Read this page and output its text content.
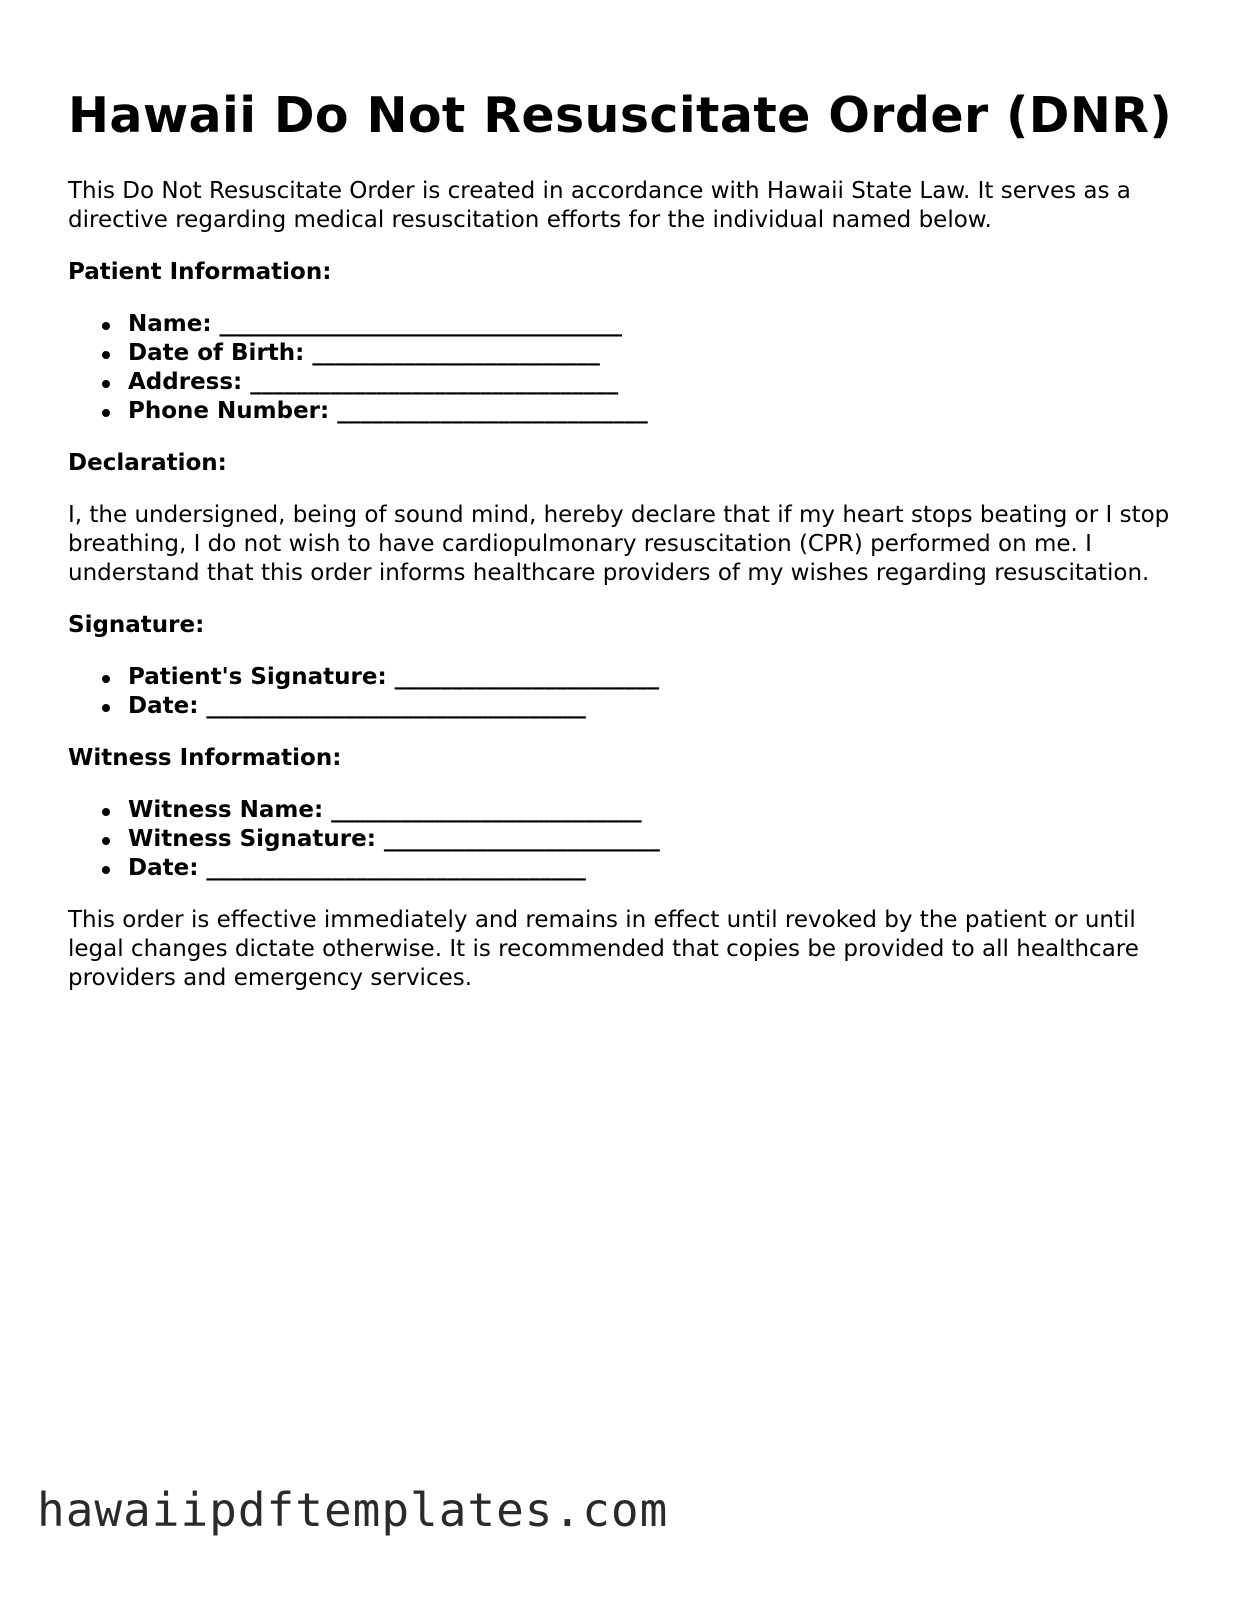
Hawaii Do Not Resuscitate Order (DNR)

This Do Not Resuscitate Order is created in accordance with Hawaii State Law. It serves as a directive regarding medical resuscitation efforts for the individual named below.

Patient Information:
Name: ___________________________________
Date of Birth: _________________________
Address: ________________________________
Phone Number: ___________________________
Declaration:

I, the undersigned, being of sound mind, hereby declare that if my heart stops beating or I stop breathing, I do not wish to have cardiopulmonary resuscitation (CPR) performed on me. I understand that this order informs healthcare providers of my wishes regarding resuscitation.

Signature:
Patient's Signature: _______________________
Date: _________________________________
Witness Information:
Witness Name: ___________________________
Witness Signature: ________________________
Date: _________________________________

This order is effective immediately and remains in effect until revoked by the patient or until legal changes dictate otherwise. It is recommended that copies be provided to all healthcare providers and emergency services.

hawaiipdftemplates.com
